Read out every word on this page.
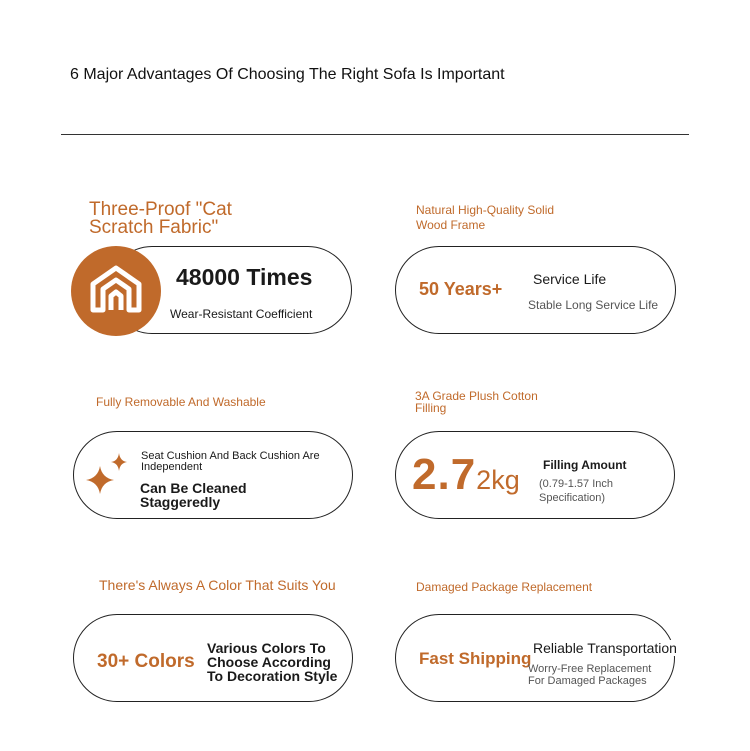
6 Major Advantages Of Choosing The Right Sofa Is Important
Three-Proof "Cat
Scratch Fabric"
48000 Times
Wear-Resistant Coefficient
Natural High-Quality Solid
Wood Frame
50 Years+ Service Life
Stable Long Service Life
Fully Removable And Washable
Seat Cushion And Back Cushion Are
Independent
Can Be Cleaned
Staggeredly
3A Grade Plush Cotton
Filling
2.72kg Filling Amount
(0.79-1.57 Inch
Specification)
There's Always A Color That Suits You
30+ Colors
Various Colors To
Choose According
To Decoration Style
Damaged Package Replacement
Fast Shipping
Reliable Transportation
Worry-Free Replacement
For Damaged Packages
